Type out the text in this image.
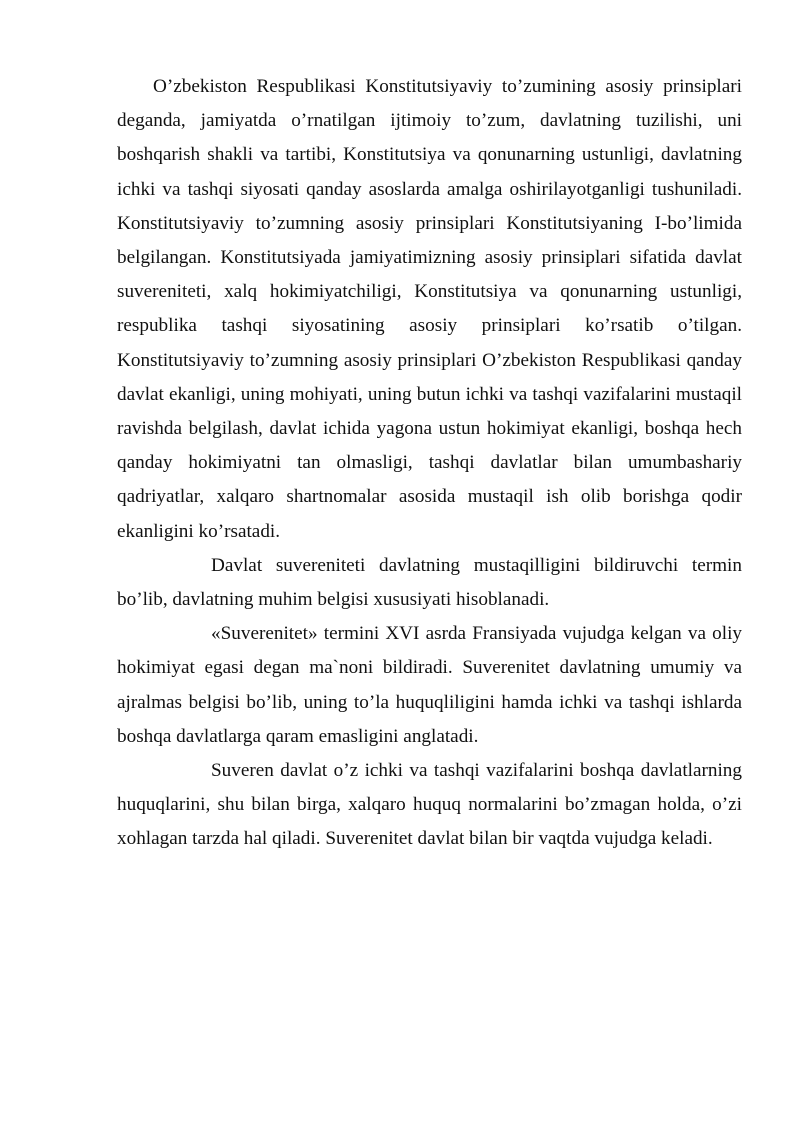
O’zbekiston Respublikasi Konstitutsiyaviy to’zumining asosiy prinsiplari deganda, jamiyatda o’rnatilgan ijtimoiy to’zum, davlatning tuzilishi, uni boshqarish shakli va tartibi, Konstitutsiya va qonunarning ustunligi, davlatning ichki va tashqi siyosati qanday asoslarda amalga oshirilayotganligi tushuniladi. Konstitutsiyaviy to’zumning asosiy prinsiplari Konstitutsiyaning I-bo’limida belgilangan. Konstitutsiyada jamiyatimizning asosiy prinsiplari sifatida davlat suvereniteti, xalq hokimiyatchiligi, Konstitutsiya va qonunarning ustunligi, respublika tashqi siyosatining asosiy prinsiplari ko’rsatib o’tilgan. Konstitutsiyaviy to’zumning asosiy prinsiplari O’zbekiston Respublikasi qanday davlat ekanligi, uning mohiyati, uning butun ichki va tashqi vazifalarini mustaqil ravishda belgilash, davlat ichida yagona ustun hokimiyat ekanligi, boshqa hech qanday hokimiyatni tan olmasligi, tashqi davlatlar bilan umumbashariy qadriyatlar, xalqaro shartnomalar asosida mustaqil ish olib borishga qodir ekanligini ko’rsatadi.

Davlat suvereniteti davlatning mustaqilligini bildiruvchi termin bo’lib, davlatning muhim belgisi xususiyati hisoblanadi.

«Suverenitet» termini XVI asrda Fransiyada vujudga kelgan va oliy hokimiyat egasi degan ma`noni bildiradi. Suverenitet davlatning umumiy va ajralmas belgisi bo’lib, uning to’la huquqliligini hamda ichki va tashqi ishlarda boshqa davlatlarga qaram emasligini anglatadi.

Suveren davlat o’z ichki va tashqi vazifalarini boshqa davlatlarning huquqlarini, shu bilan birga, xalqaro huquq normalarini bo’zmagan holda, o’zi xohlagan tarzda hal qiladi. Suverenitet davlat bilan bir vaqtda vujudga keladi.
